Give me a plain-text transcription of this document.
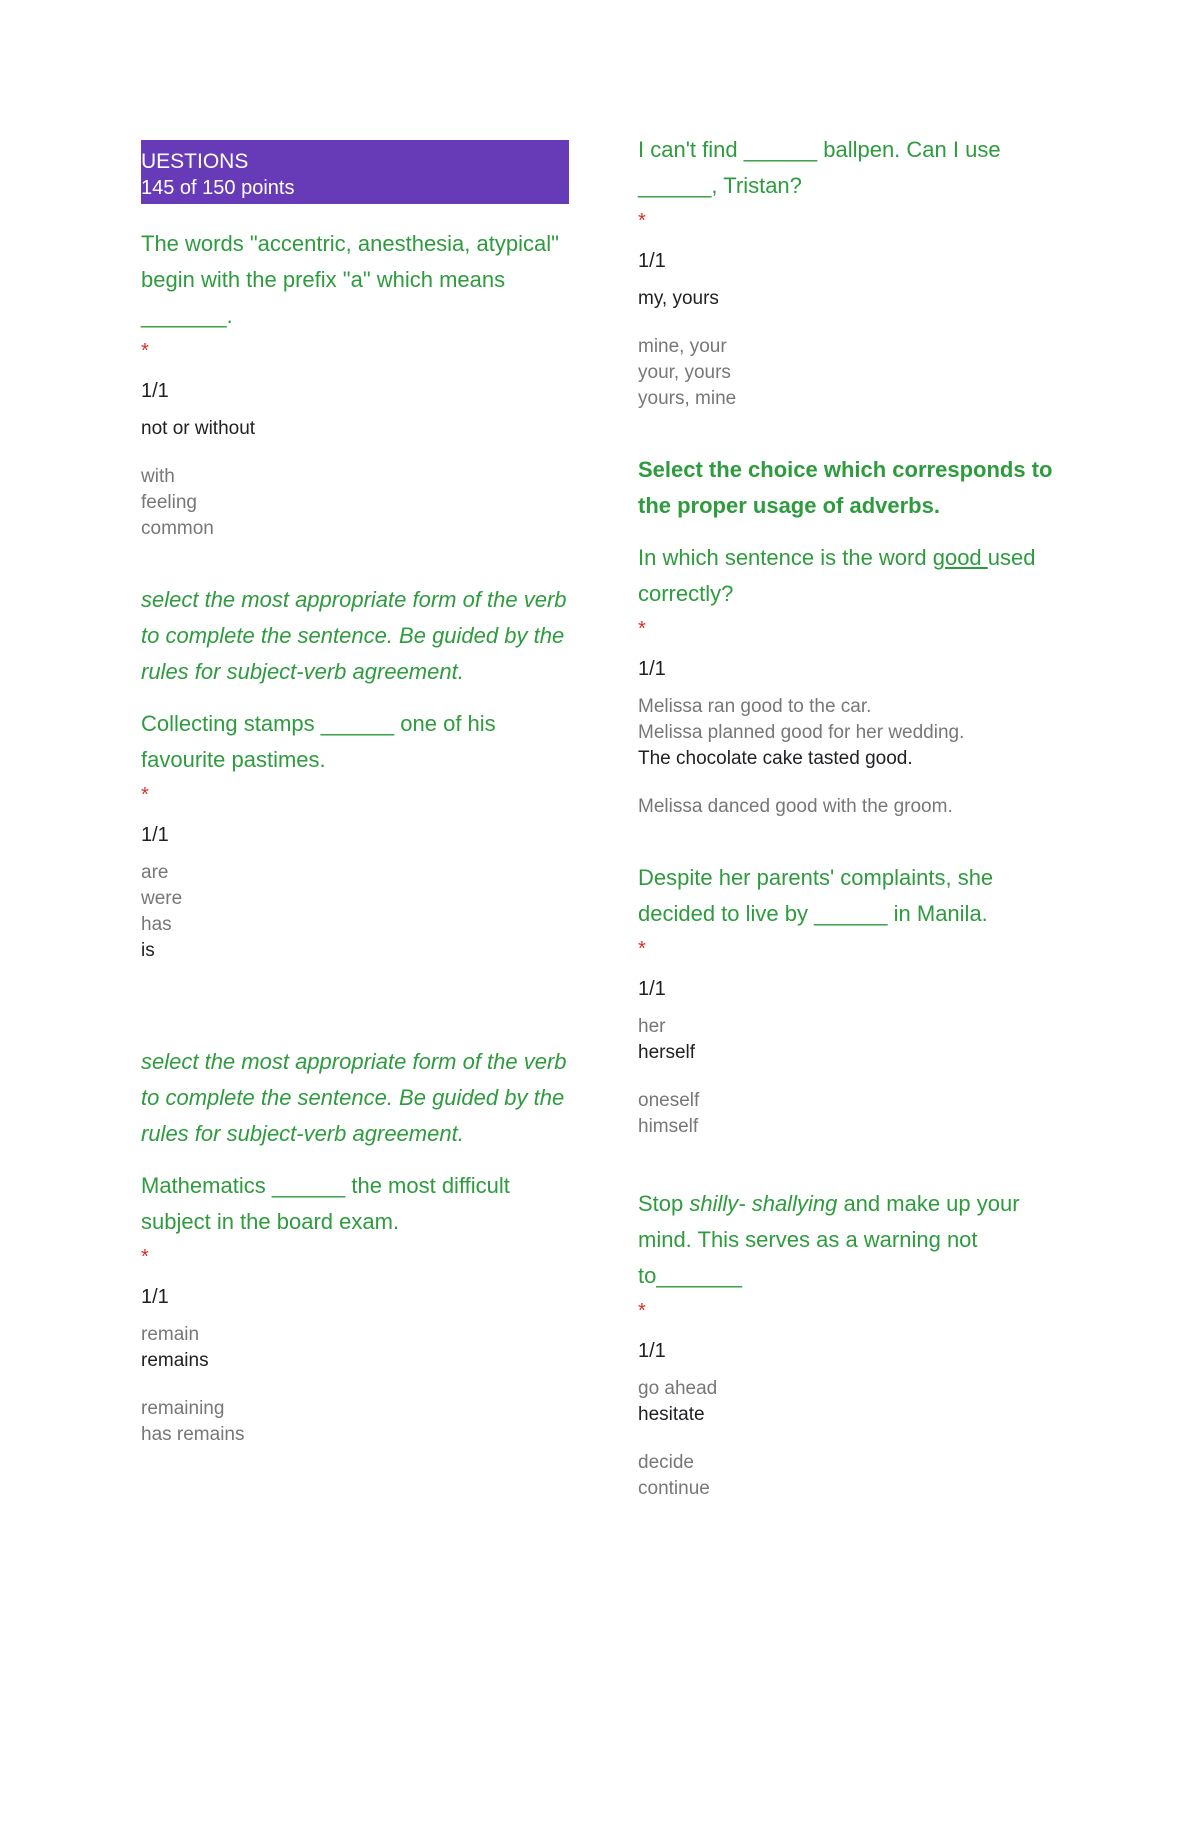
UESTIONS
145 of 150 points
The words "accentric, anesthesia, atypical" begin with the prefix "a" which means _______.
*
1/1
not or without
with
feeling
common
select the most appropriate form of the verb to complete the sentence. Be guided by the rules for subject-verb agreement.
Collecting stamps ______ one of his favourite pastimes.
*
1/1
are
were
has
is
select the most appropriate form of the verb to complete the sentence. Be guided by the rules for subject-verb agreement.
Mathematics ______ the most difficult subject in the board exam.
*
1/1
remain
remains
remaining
has remains
I can't find ______ ballpen. Can I use ______, Tristan?
*
1/1
my, yours
mine, your
your, yours
yours, mine
Select the choice which corresponds to the proper usage of adverbs.
In which sentence is the word good used correctly?
*
1/1
Melissa ran good to the car.
Melissa planned good for her wedding.
The chocolate cake tasted good.
Melissa danced good with the groom.
Despite her parents' complaints, she decided to live by ______ in Manila.
*
1/1
her
herself
oneself
himself
Stop shilly- shallying and make up your mind. This serves as a warning not to_______
*
1/1
go ahead
hesitate
decide
continue
